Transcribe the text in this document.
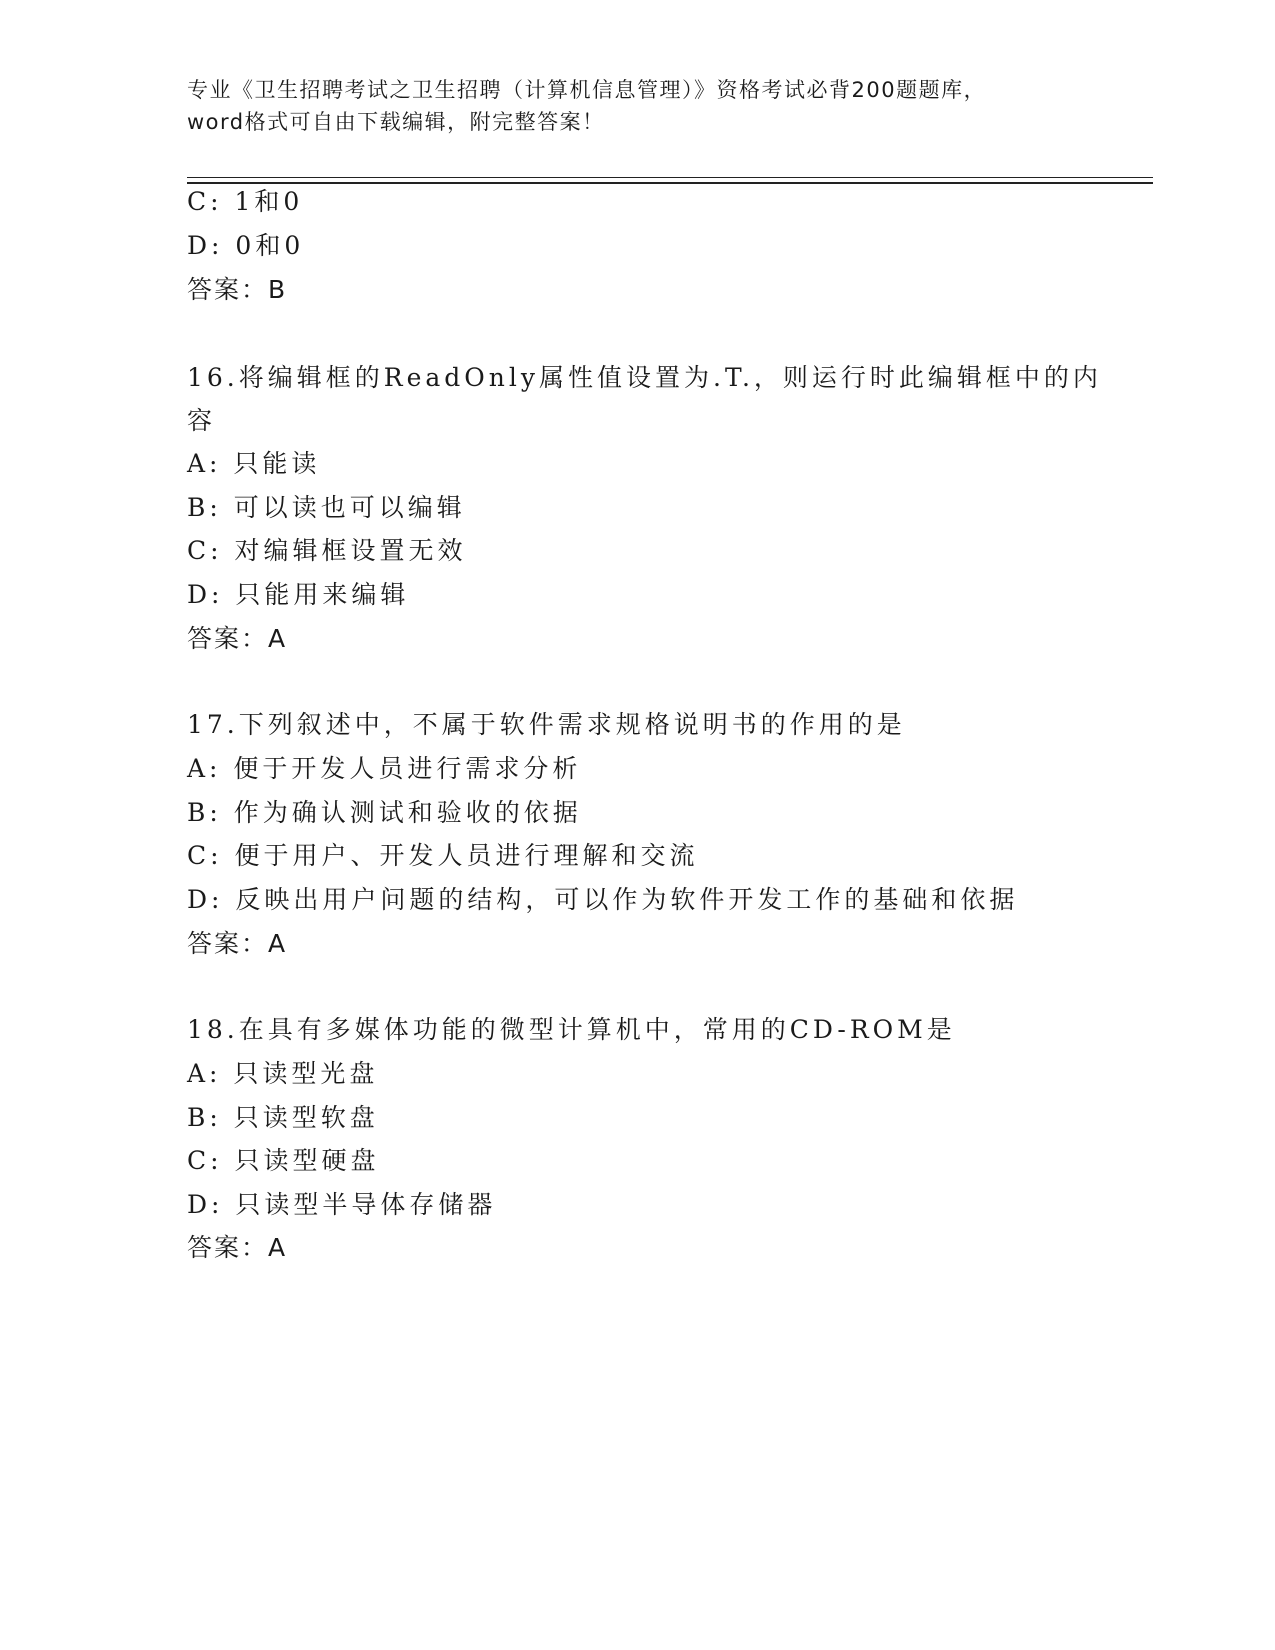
专业《卫生招聘考试之卫生招聘（计算机信息管理）》资格考试必背200题题库，
word格式可自由下载编辑，附完整答案！
C: 1和0
D: 0和0
答案：B
16.将编辑框的ReadOnly属性值设置为.T.，则运行时此编辑框中的内
容
A: 只能读
B: 可以读也可以编辑
C: 对编辑框设置无效
D: 只能用来编辑
答案：A
17.下列叙述中，不属于软件需求规格说明书的作用的是
A: 便于开发人员进行需求分析
B: 作为确认测试和验收的依据
C: 便于用户、开发人员进行理解和交流
D: 反映出用户问题的结构，可以作为软件开发工作的基础和依据
答案：A
18.在具有多媒体功能的微型计算机中，常用的CD-ROM是
A: 只读型光盘
B: 只读型软盘
C: 只读型硬盘
D: 只读型半导体存储器
答案：A
